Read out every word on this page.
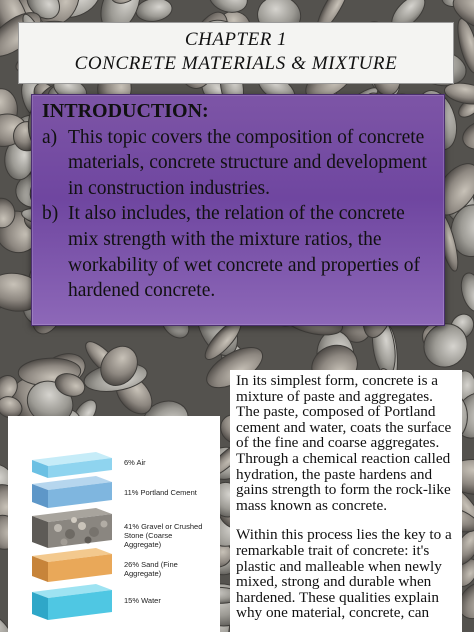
CHAPTER 1
CONCRETE MATERIALS & MIXTURE
INTRODUCTION:
a) This topic covers the composition of concrete materials, concrete structure and development in construction industries.
b) It also includes, the relation of the concrete mix strength with the mixture ratios, the workability of wet concrete and properties of hardened concrete.

In its simplest form, concrete is a mixture of paste and aggregates. The paste, composed of Portland cement and water, coats the surface of the fine and coarse aggregates. Through a chemical reaction called hydration, the paste hardens and gains strength to form the rock-like mass known as concrete.

Within this process lies the key to a remarkable trait of concrete: it's plastic and malleable when newly mixed, strong and durable when hardened. These qualities explain why one material, concrete, can

6% Air
11% Portland Cement
41% Gravel or Crushed Stone (Coarse Aggregate)
26% Sand (Fine Aggregate)
15% Water
